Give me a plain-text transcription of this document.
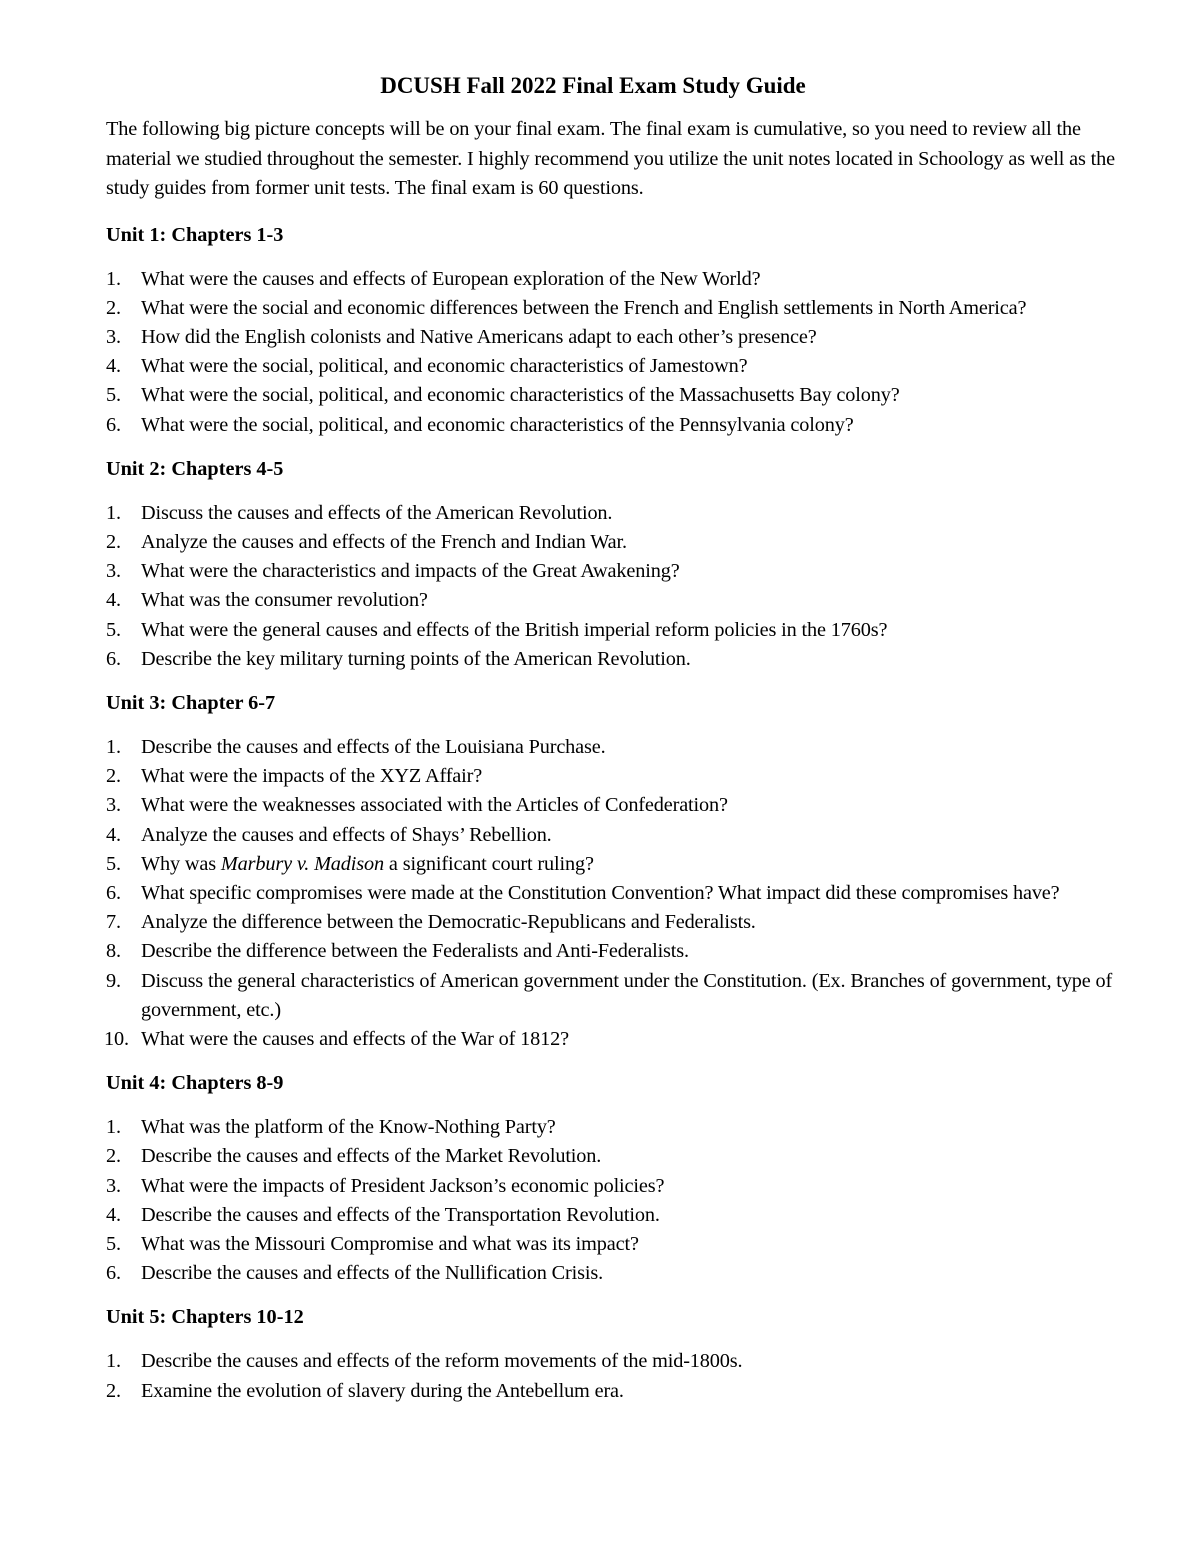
DCUSH Fall 2022 Final Exam Study Guide

The following big picture concepts will be on your final exam. The final exam is cumulative, so you need to review all the material we studied throughout the semester. I highly recommend you utilize the unit notes located in Schoology as well as the study guides from former unit tests. The final exam is 60 questions.

Unit 1: Chapters 1-3
1. What were the causes and effects of European exploration of the New World?
2. What were the social and economic differences between the French and English settlements in North America?
3. How did the English colonists and Native Americans adapt to each other’s presence?
4. What were the social, political, and economic characteristics of Jamestown?
5. What were the social, political, and economic characteristics of the Massachusetts Bay colony?
6. What were the social, political, and economic characteristics of the Pennsylvania colony?
Unit 2: Chapters 4-5
1. Discuss the causes and effects of the American Revolution.
2. Analyze the causes and effects of the French and Indian War.
3. What were the characteristics and impacts of the Great Awakening?
4. What was the consumer revolution?
5. What were the general causes and effects of the British imperial reform policies in the 1760s?
6. Describe the key military turning points of the American Revolution.
Unit 3: Chapter 6-7
1. Describe the causes and effects of the Louisiana Purchase.
2. What were the impacts of the XYZ Affair?
3. What were the weaknesses associated with the Articles of Confederation?
4. Analyze the causes and effects of Shays’ Rebellion.
5. Why was Marbury v. Madison a significant court ruling?
6. What specific compromises were made at the Constitution Convention? What impact did these compromises have?
7. Analyze the difference between the Democratic-Republicans and Federalists.
8. Describe the difference between the Federalists and Anti-Federalists.
9. Discuss the general characteristics of American government under the Constitution. (Ex. Branches of government, type of government, etc.)
10. What were the causes and effects of the War of 1812?
Unit 4: Chapters 8-9
1. What was the platform of the Know-Nothing Party?
2. Describe the causes and effects of the Market Revolution.
3. What were the impacts of President Jackson’s economic policies?
4. Describe the causes and effects of the Transportation Revolution.
5. What was the Missouri Compromise and what was its impact?
6. Describe the causes and effects of the Nullification Crisis.
Unit 5: Chapters 10-12
1. Describe the causes and effects of the reform movements of the mid-1800s.
2. Examine the evolution of slavery during the Antebellum era.
